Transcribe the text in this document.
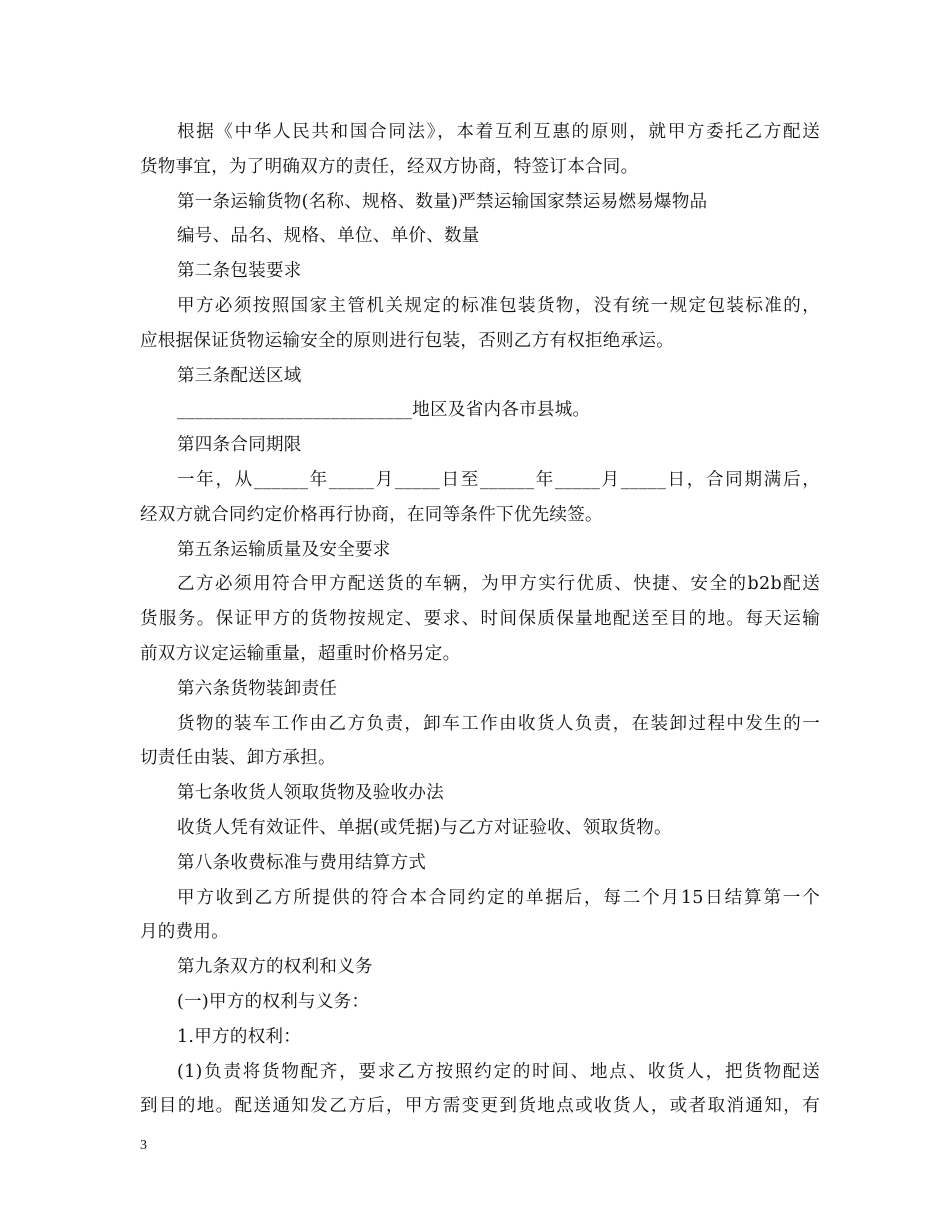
根据《中华人民共和国合同法》，本着互利互惠的原则，就甲方委托乙方配送
货物事宜，为了明确双方的责任，经双方协商，特签订本合同。
第一条运输货物(名称、规格、数量)严禁运输国家禁运易燃易爆物品
编号、品名、规格、单位、单价、数量
第二条包装要求
甲方必须按照国家主管机关规定的标准包装货物，没有统一规定包装标准的，
应根据保证货物运输安全的原则进行包装，否则乙方有权拒绝承运。
第三条配送区域
__________________________地区及省内各市县城。
第四条合同期限
一年，从______年_____月_____日至______年_____月_____日，合同期满后，
经双方就合同约定价格再行协商，在同等条件下优先续签。
第五条运输质量及安全要求
乙方必须用符合甲方配送货的车辆，为甲方实行优质、快捷、安全的b2b配送
货服务。保证甲方的货物按规定、要求、时间保质保量地配送至目的地。每天运输
前双方议定运输重量，超重时价格另定。
第六条货物装卸责任
货物的装车工作由乙方负责，卸车工作由收货人负责，在装卸过程中发生的一
切责任由装、卸方承担。
第七条收货人领取货物及验收办法
收货人凭有效证件、单据(或凭据)与乙方对证验收、领取货物。
第八条收费标准与费用结算方式
甲方收到乙方所提供的符合本合同约定的单据后，每二个月15日结算第一个
月的费用。
第九条双方的权利和义务
(一)甲方的权利与义务：
1.甲方的权利：
(1)负责将货物配齐，要求乙方按照约定的时间、地点、收货人，把货物配送
到目的地。配送通知发乙方后，甲方需变更到货地点或收货人，或者取消通知，有
3
